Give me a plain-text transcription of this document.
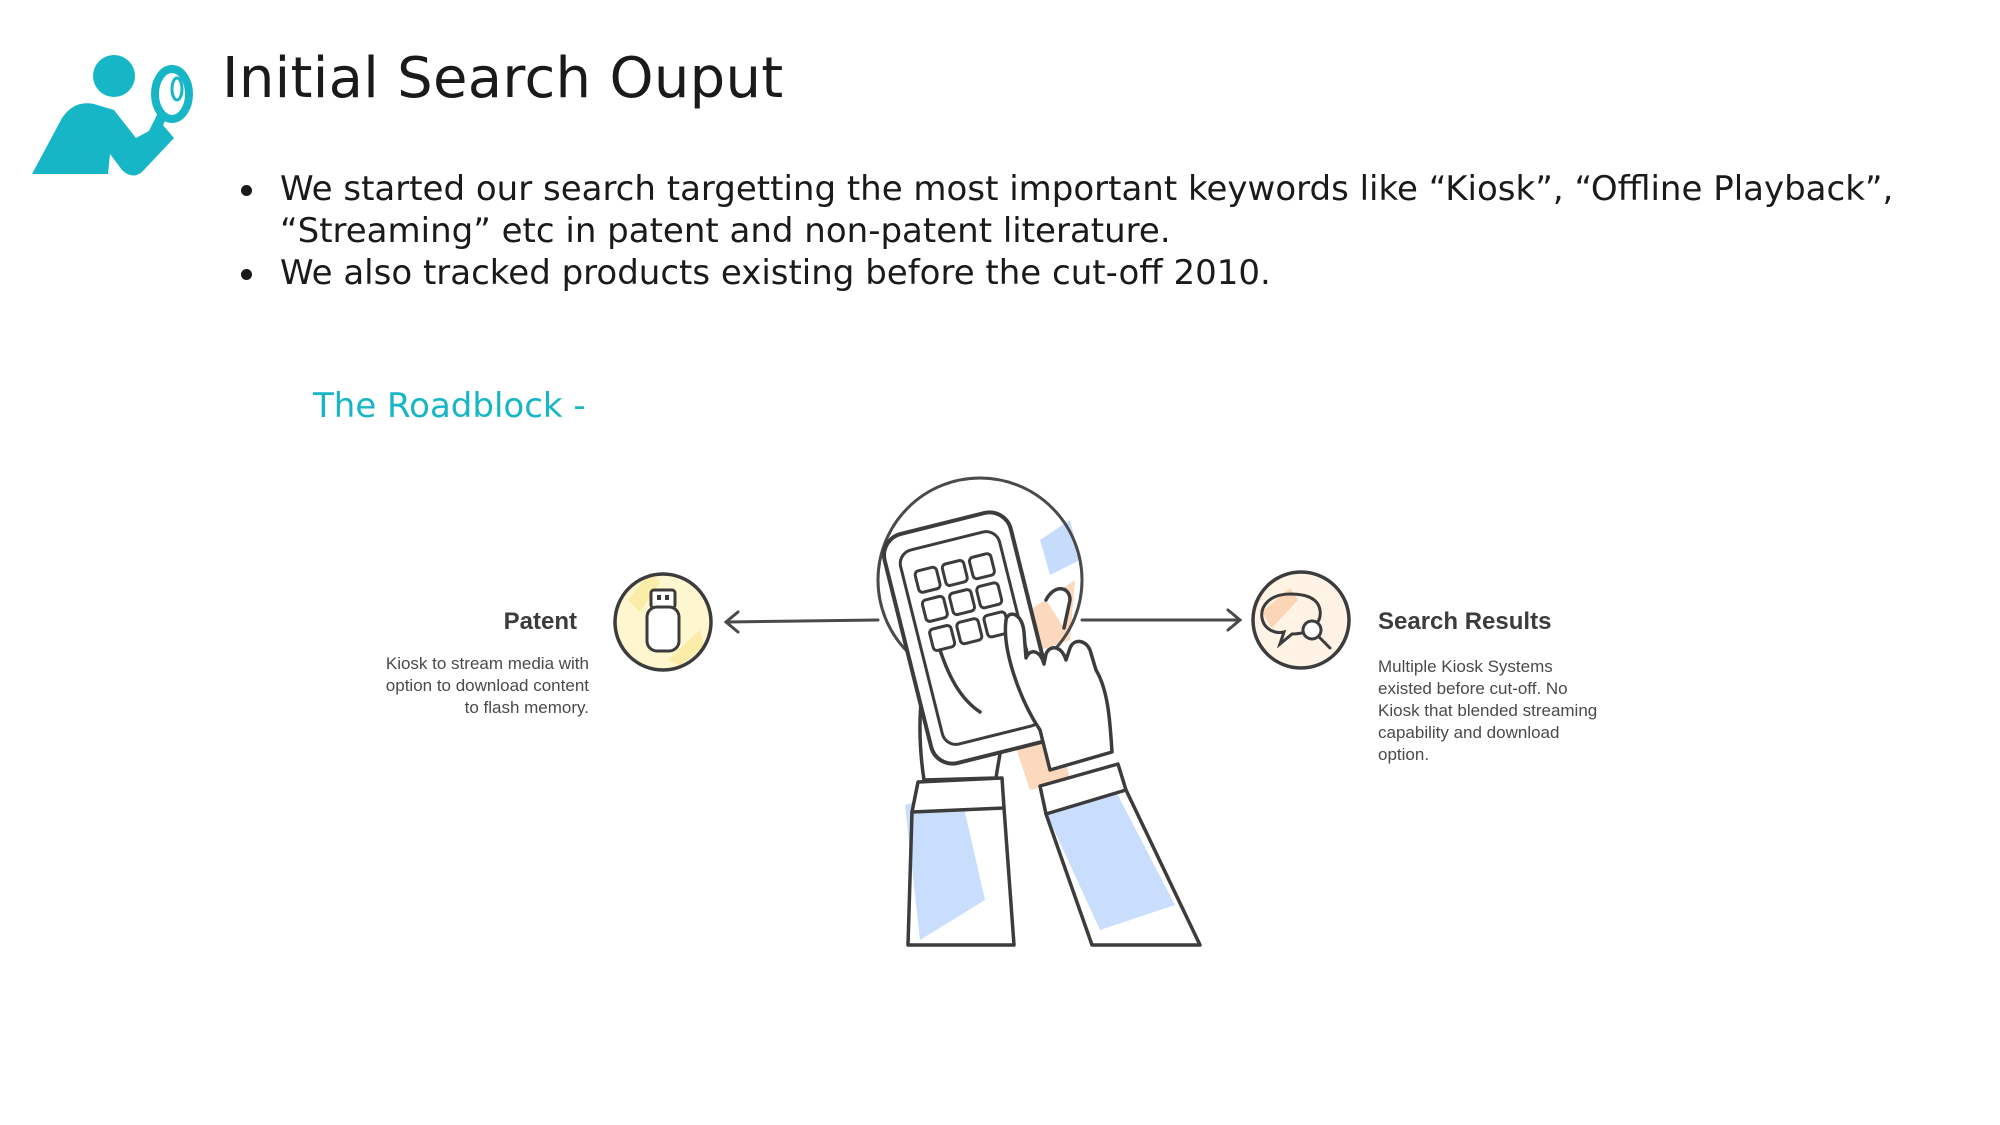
Initial Search Ouput
We started our search targetting the most important keywords like “Kiosk”, “Offline Playback”, “Streaming” etc in patent and non-patent literature.
We also tracked products existing before the cut-off 2010.
The Roadblock -
Patent

Kiosk to stream media with option to download content to flash memory.

Search Results

Multiple Kiosk Systems existed before cut-off. No Kiosk that blended streaming capability and download option.
